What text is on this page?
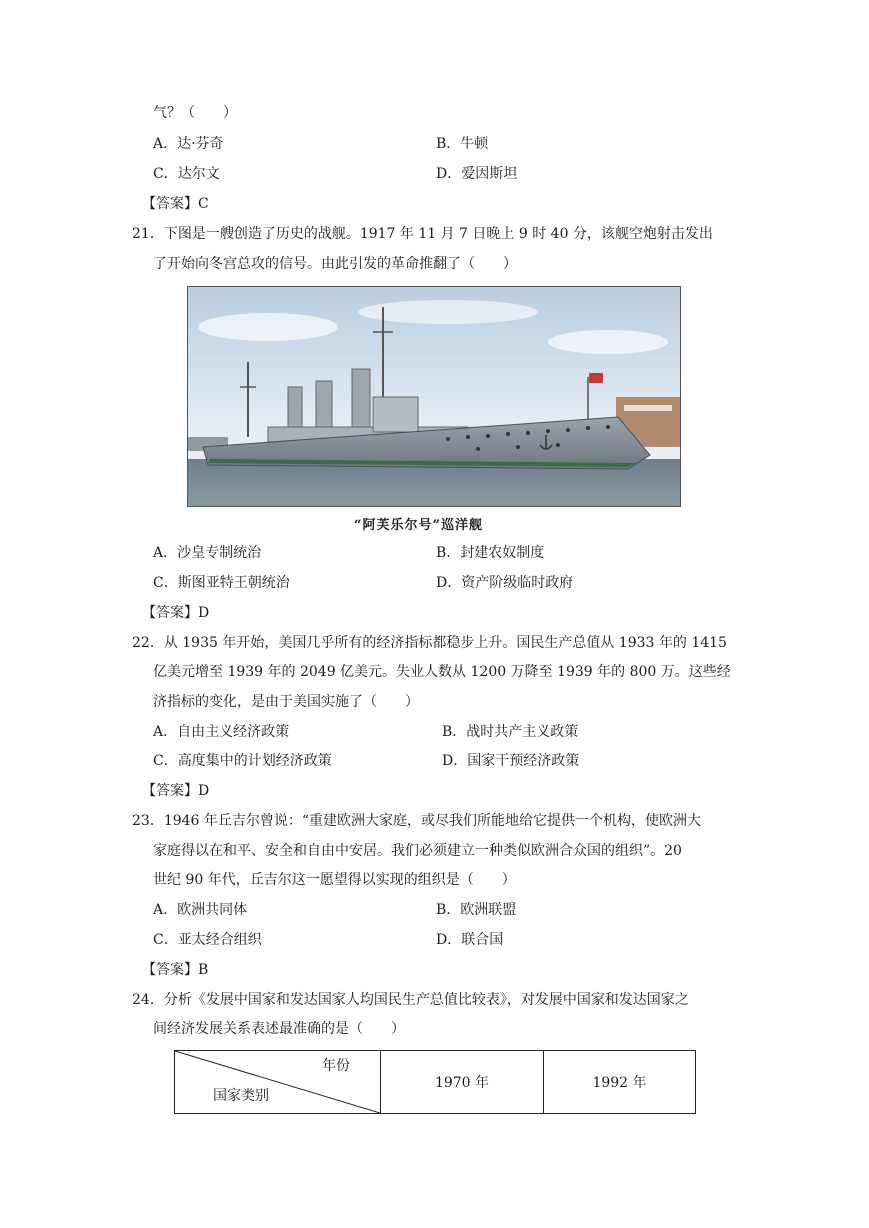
气？（　　）
A．达·芬奇	B．牛顿
C．达尔文	D．爱因斯坦
【答案】C
21．下图是一艘创造了历史的战舰。1917 年 11 月 7 日晚上 9 时 40 分，该舰空炮射击发出
了开始向冬宫总攻的信号。由此引发的革命推翻了（　　）
“阿芙乐尔号”巡洋舰
A．沙皇专制统治	B．封建农奴制度
C．斯图亚特王朝统治	D．资产阶级临时政府
【答案】D
22．从 1935 年开始，美国几乎所有的经济指标都稳步上升。国民生产总值从 1933 年的 1415
亿美元增至 1939 年的 2049 亿美元。失业人数从 1200 万降至 1939 年的 800 万。这些经
济指标的变化，是由于美国实施了（　　）
A．自由主义经济政策	B．战时共产主义政策
C．高度集中的计划经济政策	D．国家干预经济政策
【答案】D
23．1946 年丘吉尔曾说：“重建欧洲大家庭，或尽我们所能地给它提供一个机构，使欧洲大
家庭得以在和平、安全和自由中安居。我们必须建立一种类似欧洲合众国的组织”。20
世纪 90 年代，丘吉尔这一愿望得以实现的组织是（　　）
A．欧洲共同体	B．欧洲联盟
C．亚太经合组织	D．联合国
【答案】B
24．分析《发展中国家和发达国家人均国民生产总值比较表》，对发展中国家和发达国家之
间经济发展关系表述最准确的是（　　）
年份
国家类别
	1970 年	1992 年
